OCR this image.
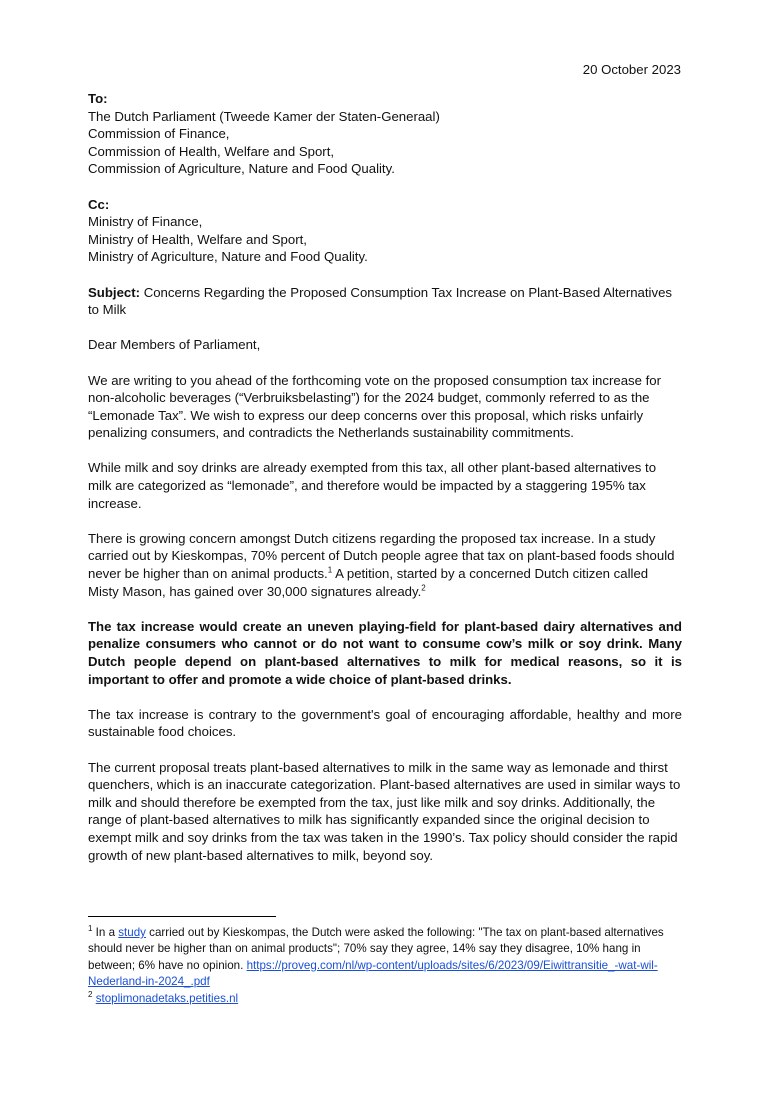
20 October 2023

To:
The Dutch Parliament (Tweede Kamer der Staten-Generaal)
Commission of Finance,
Commission of Health, Welfare and Sport,
Commission of Agriculture, Nature and Food Quality.

Cc:
Ministry of Finance,
Ministry of Health, Welfare and Sport,
Ministry of Agriculture, Nature and Food Quality.

Subject: Concerns Regarding the Proposed Consumption Tax Increase on Plant-Based Alternatives to Milk

Dear Members of Parliament,

We are writing to you ahead of the forthcoming vote on the proposed consumption tax increase for non-alcoholic beverages (“Verbruiksbelasting”) for the 2024 budget, commonly referred to as the “Lemonade Tax”. We wish to express our deep concerns over this proposal, which risks unfairly penalizing consumers, and contradicts the Netherlands sustainability commitments.

While milk and soy drinks are already exempted from this tax, all other plant-based alternatives to milk are categorized as “lemonade”, and therefore would be impacted by a staggering 195% tax increase.

There is growing concern amongst Dutch citizens regarding the proposed tax increase. In a study carried out by Kieskompas, 70% percent of Dutch people agree that tax on plant-based foods should never be higher than on animal products.$^1$ A petition, started by a concerned Dutch citizen called Misty Mason, has gained over 30,000 signatures already.$^2$

The tax increase would create an uneven playing-field for plant-based dairy alternatives and penalize consumers who cannot or do not want to consume cow’s milk or soy drink. Many Dutch people depend on plant-based alternatives to milk for medical reasons, so it is important to offer and promote a wide choice of plant-based drinks.

The tax increase is contrary to the government's goal of encouraging affordable, healthy and more sustainable food choices.

The current proposal treats plant-based alternatives to milk in the same way as lemonade and thirst quenchers, which is an inaccurate categorization. Plant-based alternatives are used in similar ways to milk and should therefore be exempted from the tax, just like milk and soy drinks. Additionally, the range of plant-based alternatives to milk has significantly expanded since the original decision to exempt milk and soy drinks from the tax was taken in the 1990’s. Tax policy should consider the rapid growth of new plant-based alternatives to milk, beyond soy.

$^1$ In a study carried out by Kieskompas, the Dutch were asked the following: "The tax on plant-based alternatives should never be higher than on animal products"; 70% say they agree, 14% say they disagree, 10% hang in between; 6% have no opinion. https://proveg.com/nl/wp-content/uploads/sites/6/2023/09/Eiwittransitie_-wat-wil-Nederland-in-2024_.pdf
$^2$ stoplimonadetaks.petities.nl
